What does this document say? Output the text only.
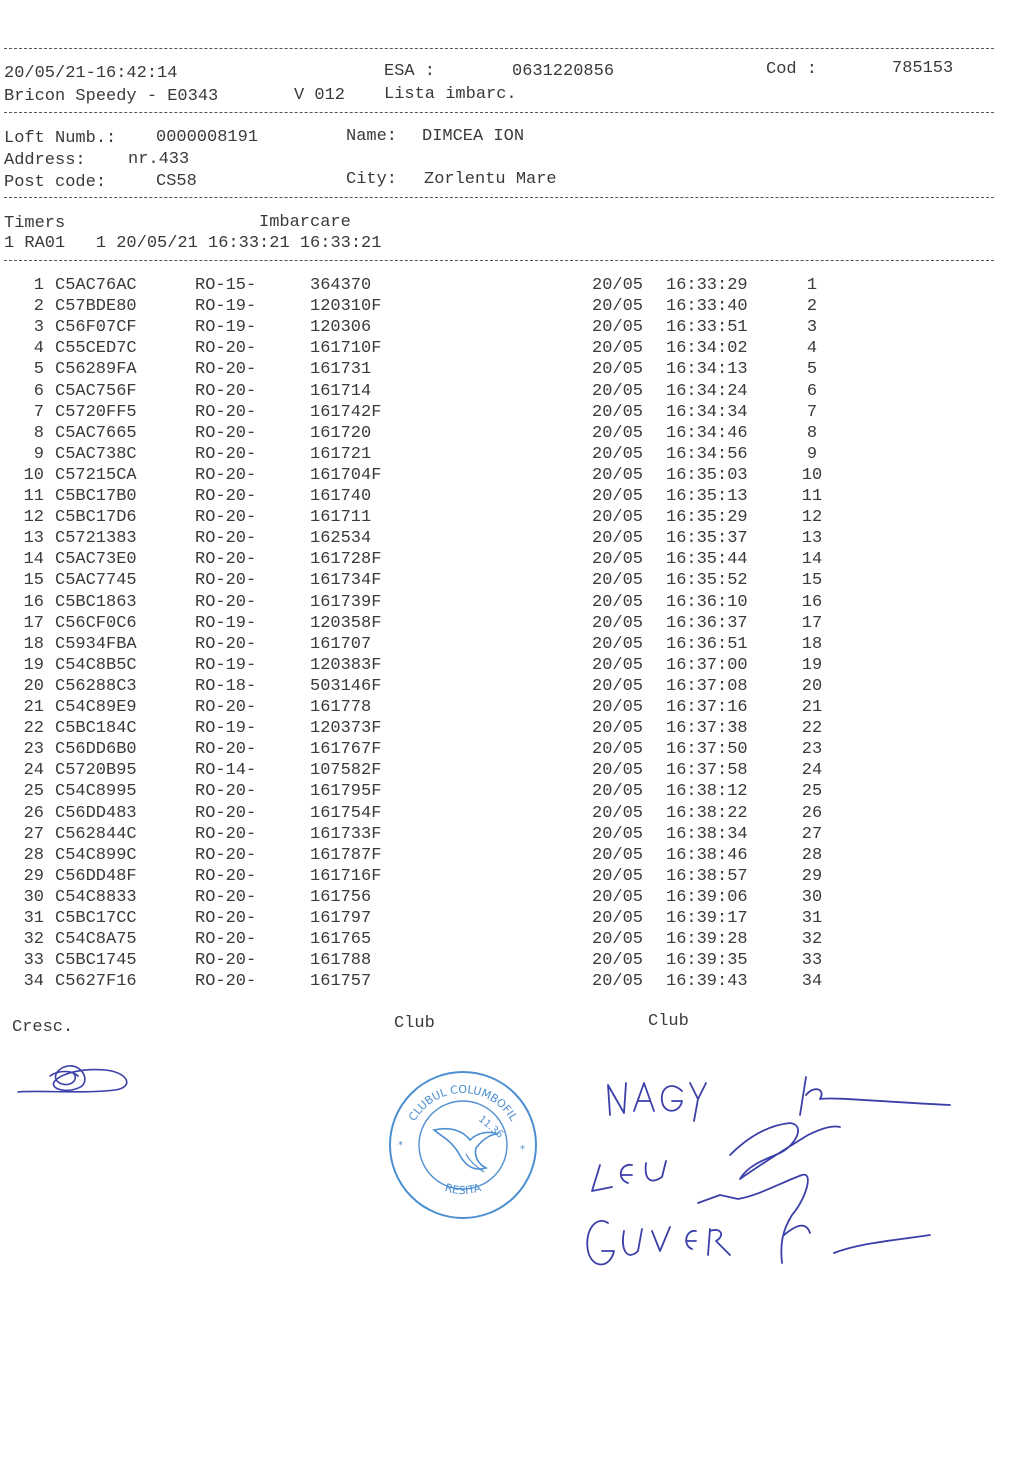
20/05/21-16:42:14	ESA :	0631220856	Cod :	785153
Bricon Speedy - E0343	V 012 Lista imbarc.
Loft Numb.: 0000008191	Name: DIMCEA ION
Address: nr.433
Post code:	CS58	City: Zorlentu Mare
Timers	Imbarcare
1 RA01   1 20/05/21 16:33:21 16:33:21
1 C5AC76AC	RO-15-	364370	20/05 16:33:29	1
2 C57BDE80	RO-19-	120310F	20/05 16:33:40	2
3 C56F07CF	RO-19-	120306	20/05 16:33:51	3
4 C55CED7C	RO-20-	161710F	20/05 16:34:02	4
5 C56289FA	RO-20-	161731	20/05 16:34:13	5
6 C5AC756F	RO-20-	161714	20/05 16:34:24	6
7 C5720FF5	RO-20-	161742F	20/05 16:34:34	7
8 C5AC7665	RO-20-	161720	20/05 16:34:46	8
9 C5AC738C	RO-20-	161721	20/05 16:34:56	9
10 C57215CA	RO-20-	161704F	20/05 16:35:03	10
11 C5BC17B0	RO-20-	161740	20/05 16:35:13	11
12 C5BC17D6	RO-20-	161711	20/05 16:35:29	12
13 C5721383	RO-20-	162534	20/05 16:35:37	13
14 C5AC73E0	RO-20-	161728F	20/05 16:35:44	14
15 C5AC7745	RO-20-	161734F	20/05 16:35:52	15
16 C5BC1863	RO-20-	161739F	20/05 16:36:10	16
17 C56CF0C6	RO-19-	120358F	20/05 16:36:37	17
18 C5934FBA	RO-20-	161707	20/05 16:36:51	18
19 C54C8B5C	RO-19-	120383F	20/05 16:37:00	19
20 C56288C3	RO-18-	503146F	20/05 16:37:08	20
21 C54C89E9	RO-20-	161778	20/05 16:37:16	21
22 C5BC184C	RO-19-	120373F	20/05 16:37:38	22
23 C56DD6B0	RO-20-	161767F	20/05 16:37:50	23
24 C5720B95	RO-14-	107582F	20/05 16:37:58	24
25 C54C8995	RO-20-	161795F	20/05 16:38:12	25
26 C56DD483	RO-20-	161754F	20/05 16:38:22	26
27 C562844C	RO-20-	161733F	20/05 16:38:34	27
28 C54C899C	RO-20-	161787F	20/05 16:38:46	28
29 C56DD48F	RO-20-	161716F	20/05 16:38:57	29
30 C54C8833	RO-20-	161756	20/05 16:39:06	30
31 C5BC17CC	RO-20-	161797	20/05 16:39:17	31
32 C54C8A75	RO-20-	161765	20/05 16:39:28	32
33 C5BC1745	RO-20-	161788	20/05 16:39:35	33
34 C5627F16	RO-20-	161757	20/05 16:39:43	34
Cresc.	Club	Club
CLUBUL COLUMBOFIL
RESITA
11.36
*	*
